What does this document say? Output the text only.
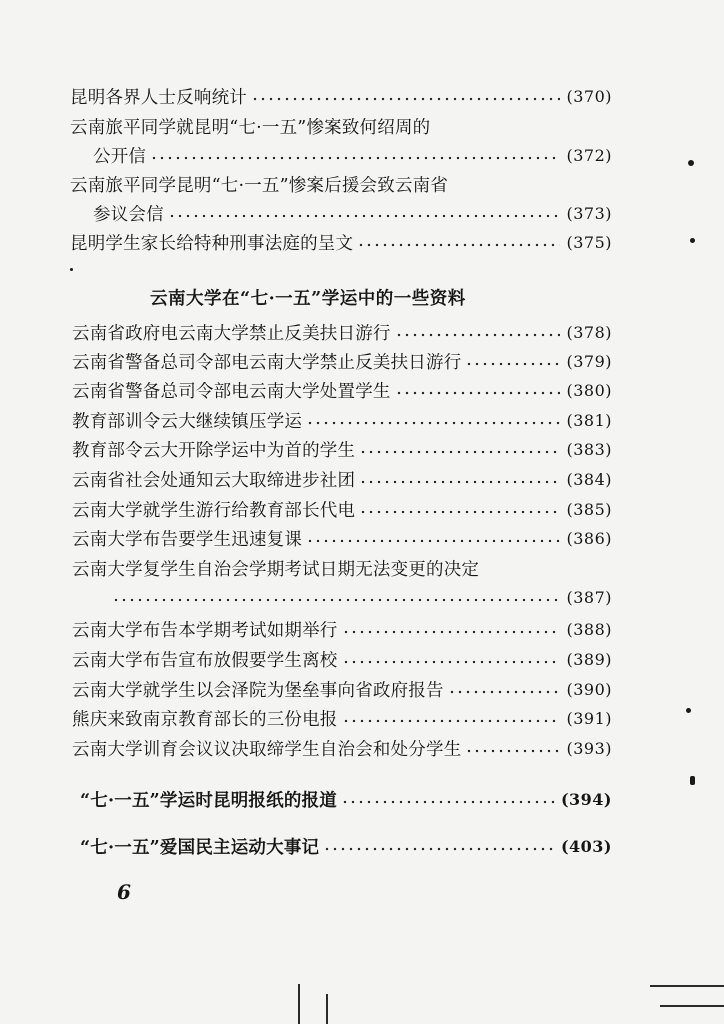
昆明各界人士反响统计	(370)
云南旅平同学就昆明“七·一五”惨案致何绍周的
公开信	(372)
云南旅平同学昆明“七·一五”惨案后援会致云南省
参议会信	(373)
昆明学生家长给特种刑事法庭的呈文	(375)
云南大学在“七·一五”学运中的一些资料
云南省政府电云南大学禁止反美扶日游行	(378)
云南省警备总司令部电云南大学禁止反美扶日游行	(379)
云南省警备总司令部电云南大学处置学生	(380)
教育部训令云大继续镇压学运	(381)
教育部令云大开除学运中为首的学生	(383)
云南省社会处通知云大取缔进步社团	(384)
云南大学就学生游行给教育部长代电	(385)
云南大学布告要学生迅速复课	(386)
云南大学复学生自治会学期考试日期无法变更的决定
(387)
云南大学布告本学期考试如期举行	(388)
云南大学布告宣布放假要学生离校	(389)
云南大学就学生以会泽院为堡垒事向省政府报告	(390)
熊庆来致南京教育部长的三份电报	(391)
云南大学训育会议议决取缔学生自治会和处分学生	(393)
“七·一五”学运时昆明报纸的报道	(394)
“七·一五”爱国民主运动大事记	(403)
6
